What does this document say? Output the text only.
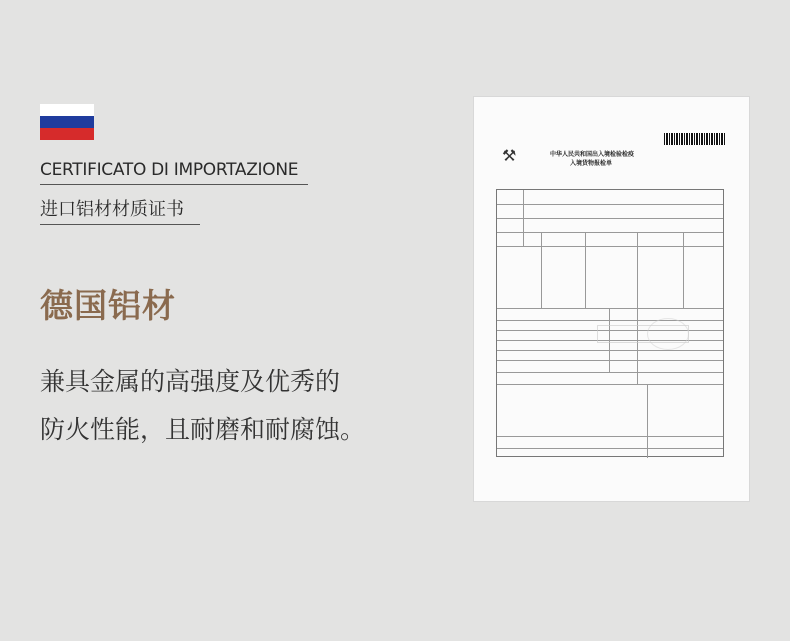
CERTIFICATO DI IMPORTAZIONE
进口铝材材质证书
德国铝材
兼具金属的高强度及优秀的
防火性能，且耐磨和耐腐蚀。
⚒	中华人民共和国出入境检验检疫
入境货物报检单
